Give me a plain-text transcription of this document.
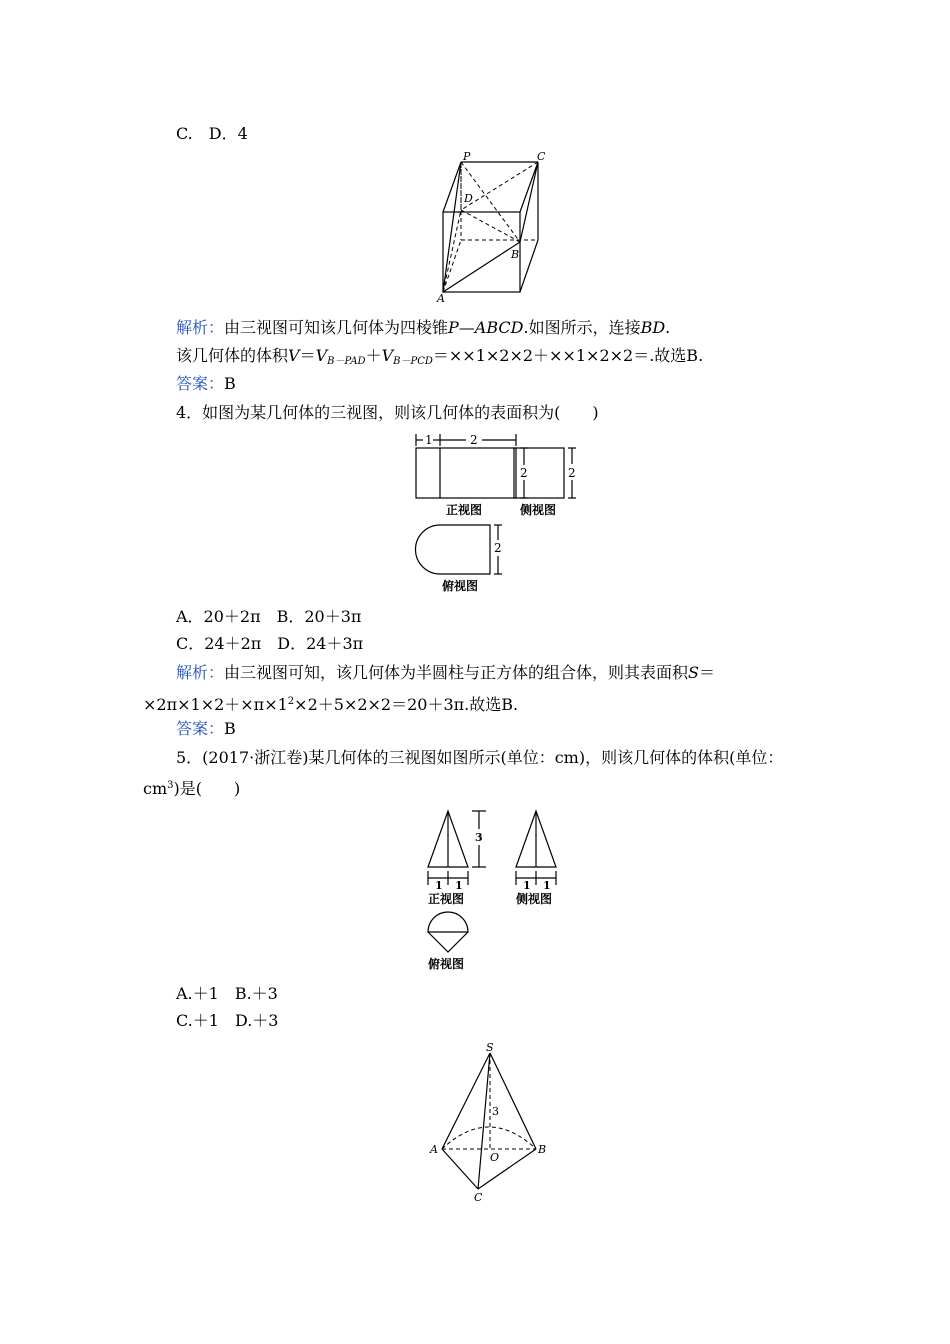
C.　D．4
P	C
D
B
A
解析：由三视图可知该几何体为四棱锥P—ABCD.如图所示，连接BD.
该几何体的体积$V=V_{B-PAD}+V_{B-PCD}=\times\times 1\times 2\times 2+\times\times 1\times 2\times 2=$.故选B.
答案：B
4．如图为某几何体的三视图，则该几何体的表面积为(　　)
2
侧视图
1	2
2
正视图
2
俯视图
A．20＋2π　B．20＋3π
C．24＋2π　D．24＋3π
解析：由三视图可知，该几何体为半圆柱与正方体的组合体，则其表面积S＝
$\times 2\pi\times 1\times 2+\times\pi\times 1^2\times 2+5\times 2\times 2=20+3\pi$.故选B.
答案：B
5．(2017·浙江卷)某几何体的三视图如图所示(单位：cm)，则该几何体的体积(单位：
$cm^3$)是(　　)
3
1 1
正视图
1 1
侧视图
俯视图
A.＋1　B.＋3
C.＋1　D.＋3
S
A	B
C
O
3
